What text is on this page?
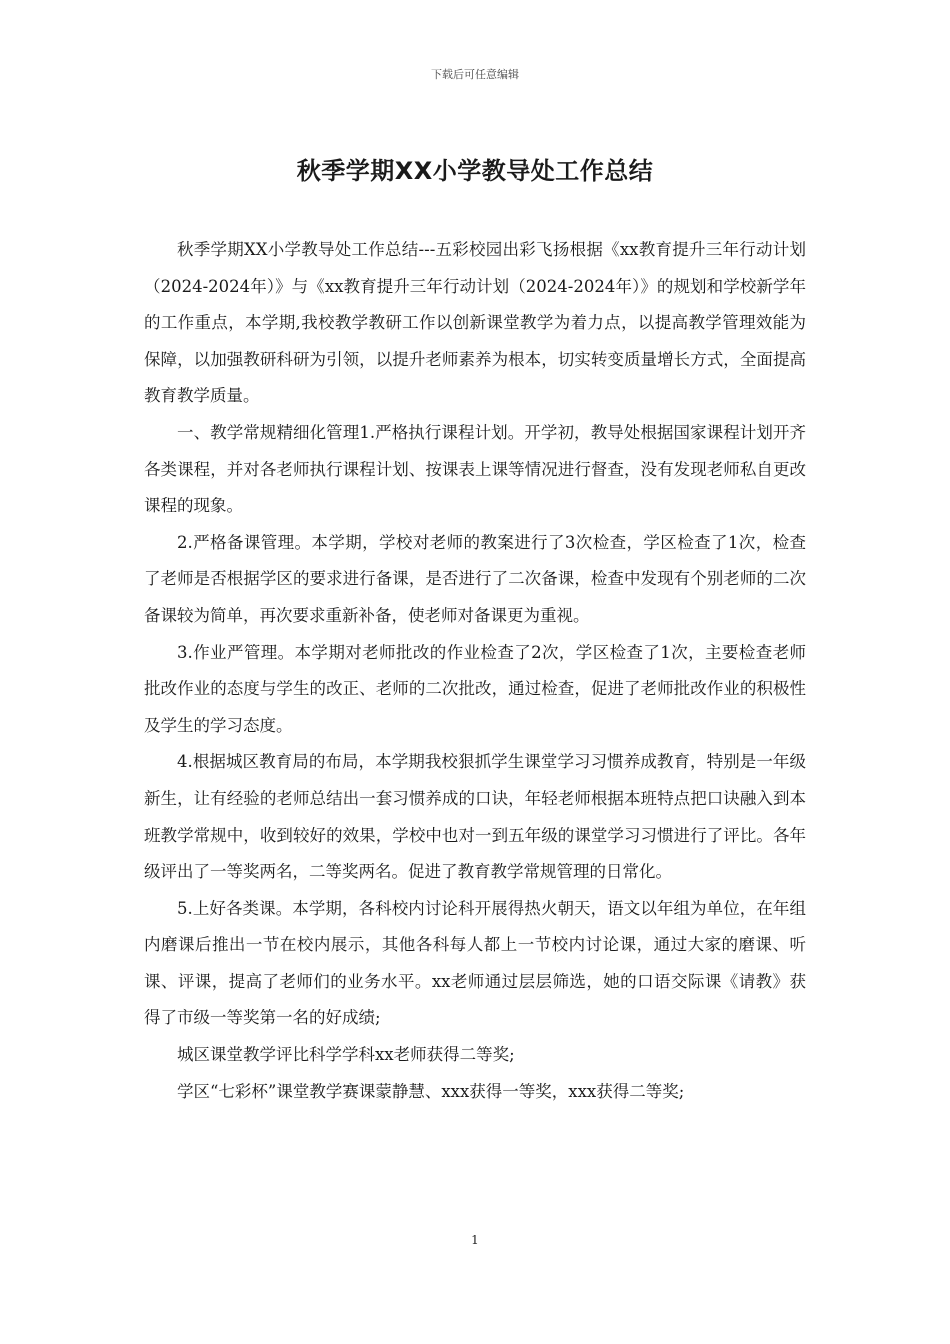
下载后可任意编辑
秋季学期XX小学教导处工作总结

秋季学期XX小学教导处工作总结---五彩校园出彩飞扬根据《xx教育提升三年行动计划（2024-2024年）》与《xx教育提升三年行动计划（2024-2024年）》的规划和学校新学年的工作重点，本学期,我校教学教研工作以创新课堂教学为着力点，以提高教学管理效能为保障，以加强教研科研为引领，以提升老师素养为根本，切实转变质量增长方式，全面提高教育教学质量。

一、教学常规精细化管理1.严格执行课程计划。开学初，教导处根据国家课程计划开齐各类课程，并对各老师执行课程计划、按课表上课等情况进行督查，没有发现老师私自更改课程的现象。

2.严格备课管理。本学期，学校对老师的教案进行了3次检查，学区检查了1次，检查了老师是否根据学区的要求进行备课，是否进行了二次备课，检查中发现有个别老师的二次备课较为简单，再次要求重新补备，使老师对备课更为重视。

3.作业严管理。本学期对老师批改的作业检查了2次，学区检查了1次，主要检查老师批改作业的态度与学生的改正、老师的二次批改，通过检查，促进了老师批改作业的积极性及学生的学习态度。

4.根据城区教育局的布局，本学期我校狠抓学生课堂学习习惯养成教育，特别是一年级新生，让有经验的老师总结出一套习惯养成的口诀，年轻老师根据本班特点把口诀融入到本班教学常规中，收到较好的效果，学校中也对一到五年级的课堂学习习惯进行了评比。各年级评出了一等奖两名，二等奖两名。促进了教育教学常规管理的日常化。

5.上好各类课。本学期，各科校内讨论科开展得热火朝天，语文以年组为单位，在年组内磨课后推出一节在校内展示，其他各科每人都上一节校内讨论课，通过大家的磨课、听课、评课，提高了老师们的业务水平。xx老师通过层层筛选，她的口语交际课《请教》获得了市级一等奖第一名的好成绩;

城区课堂教学评比科学学科xx老师获得二等奖;

学区“七彩杯”课堂教学赛课蒙静慧、xxx获得一等奖，xxx获得二等奖;

1
